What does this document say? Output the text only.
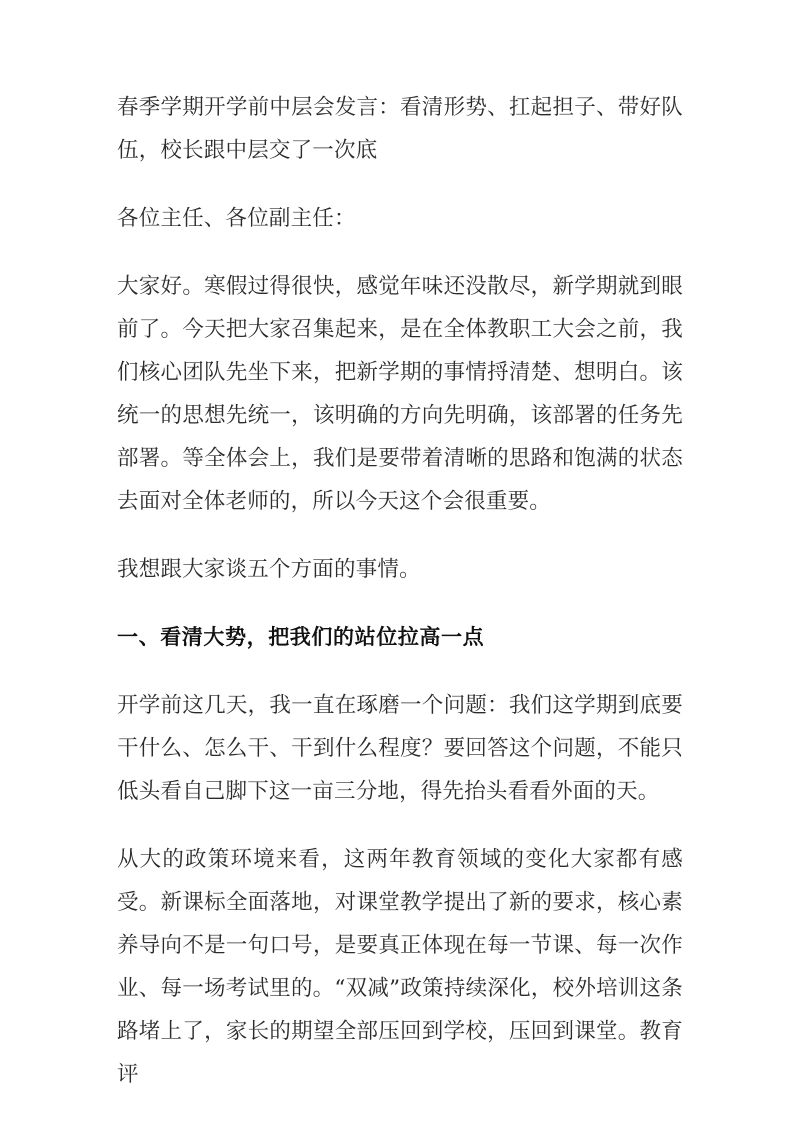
春季学期开学前中层会发言：看清形势、扛起担子、带好队伍，校长跟中层交了一次底

各位主任、各位副主任：

大家好。寒假过得很快，感觉年味还没散尽，新学期就到眼前了。今天把大家召集起来，是在全体教职工大会之前，我们核心团队先坐下来，把新学期的事情捋清楚、想明白。该统一的思想先统一，该明确的方向先明确，该部署的任务先部署。等全体会上，我们是要带着清晰的思路和饱满的状态去面对全体老师的，所以今天这个会很重要。

我想跟大家谈五个方面的事情。

一、看清大势，把我们的站位拉高一点

开学前这几天，我一直在琢磨一个问题：我们这学期到底要干什么、怎么干、干到什么程度？要回答这个问题，不能只低头看自己脚下这一亩三分地，得先抬头看看外面的天。

从大的政策环境来看，这两年教育领域的变化大家都有感受。新课标全面落地，对课堂教学提出了新的要求，核心素养导向不是一句口号，是要真正体现在每一节课、每一次作业、每一场考试里的。“双减”政策持续深化，校外培训这条路堵上了，家长的期望全部压回到学校，压回到课堂。教育评
